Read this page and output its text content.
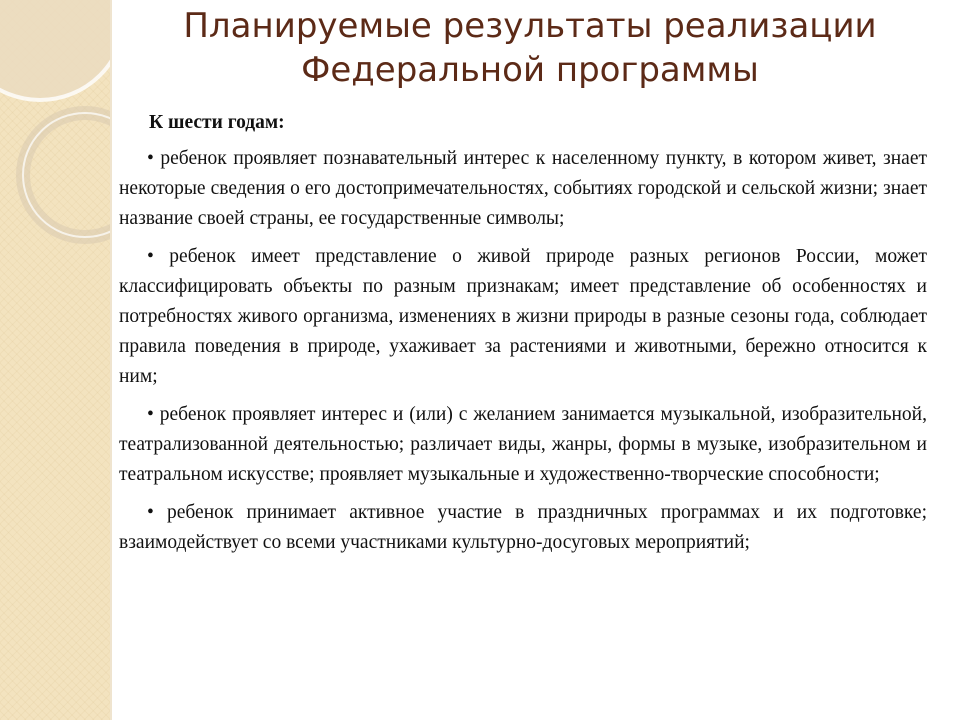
Планируемые результаты реализации Федеральной программы

К шести годам:

• ребенок проявляет познавательный интерес к населенному пункту, в котором живет, знает некоторые сведения о его достопримечательностях, событиях городской и сельской жизни; знает название своей страны, ее государственные символы;

• ребенок имеет представление о живой природе разных регионов России, может классифицировать объекты по разным признакам; имеет представление об особенностях и потребностях живого организма, изменениях в жизни природы в разные сезоны года, соблюдает правила поведения в природе, ухаживает за растениями и животными, бережно относится к ним;

• ребенок проявляет интерес и (или) с желанием занимается музыкальной, изобразительной, театрализованной деятельностью; различает виды, жанры, формы в музыке, изобразительном и театральном искусстве; проявляет музыкальные и художественно-творческие способности;

• ребенок принимает активное участие в праздничных программах и их подготовке; взаимодействует со всеми участниками культурно-досуговых мероприятий;
